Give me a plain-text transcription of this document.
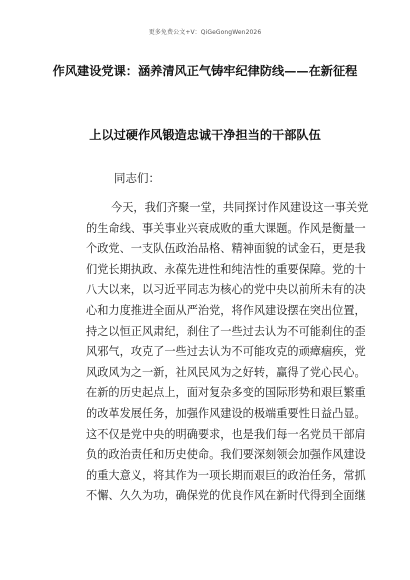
更多免费公文+V：QiGeGongWen2026
作风建设党课：涵养清风正气铸牢纪律防线——在新征程
上以过硬作风锻造忠诚干净担当的干部队伍
同志们：
今天，我们齐聚一堂，共同探讨作风建设这一事关党
的生命线、事关事业兴衰成败的重大课题。作风是衡量一
个政党、一支队伍政治品格、精神面貌的试金石，更是我
们党长期执政、永葆先进性和纯洁性的重要保障。党的十
八大以来，以习近平同志为核心的党中央以前所未有的决
心和力度推进全面从严治党，将作风建设摆在突出位置，
持之以恒正风肃纪，刹住了一些过去认为不可能刹住的歪
风邪气，攻克了一些过去认为不可能攻克的顽瘴痼疾，党
风政风为之一新，社风民风为之好转，赢得了党心民心。
在新的历史起点上，面对复杂多变的国际形势和艰巨繁重
的改革发展任务，加强作风建设的极端重要性日益凸显。
这不仅是党中央的明确要求，也是我们每一名党员干部肩
负的政治责任和历史使命。我们要深刻领会加强作风建设
的重大意义，将其作为一项长期而艰巨的政治任务，常抓
不懈、久久为功，确保党的优良作风在新时代得到全面继
